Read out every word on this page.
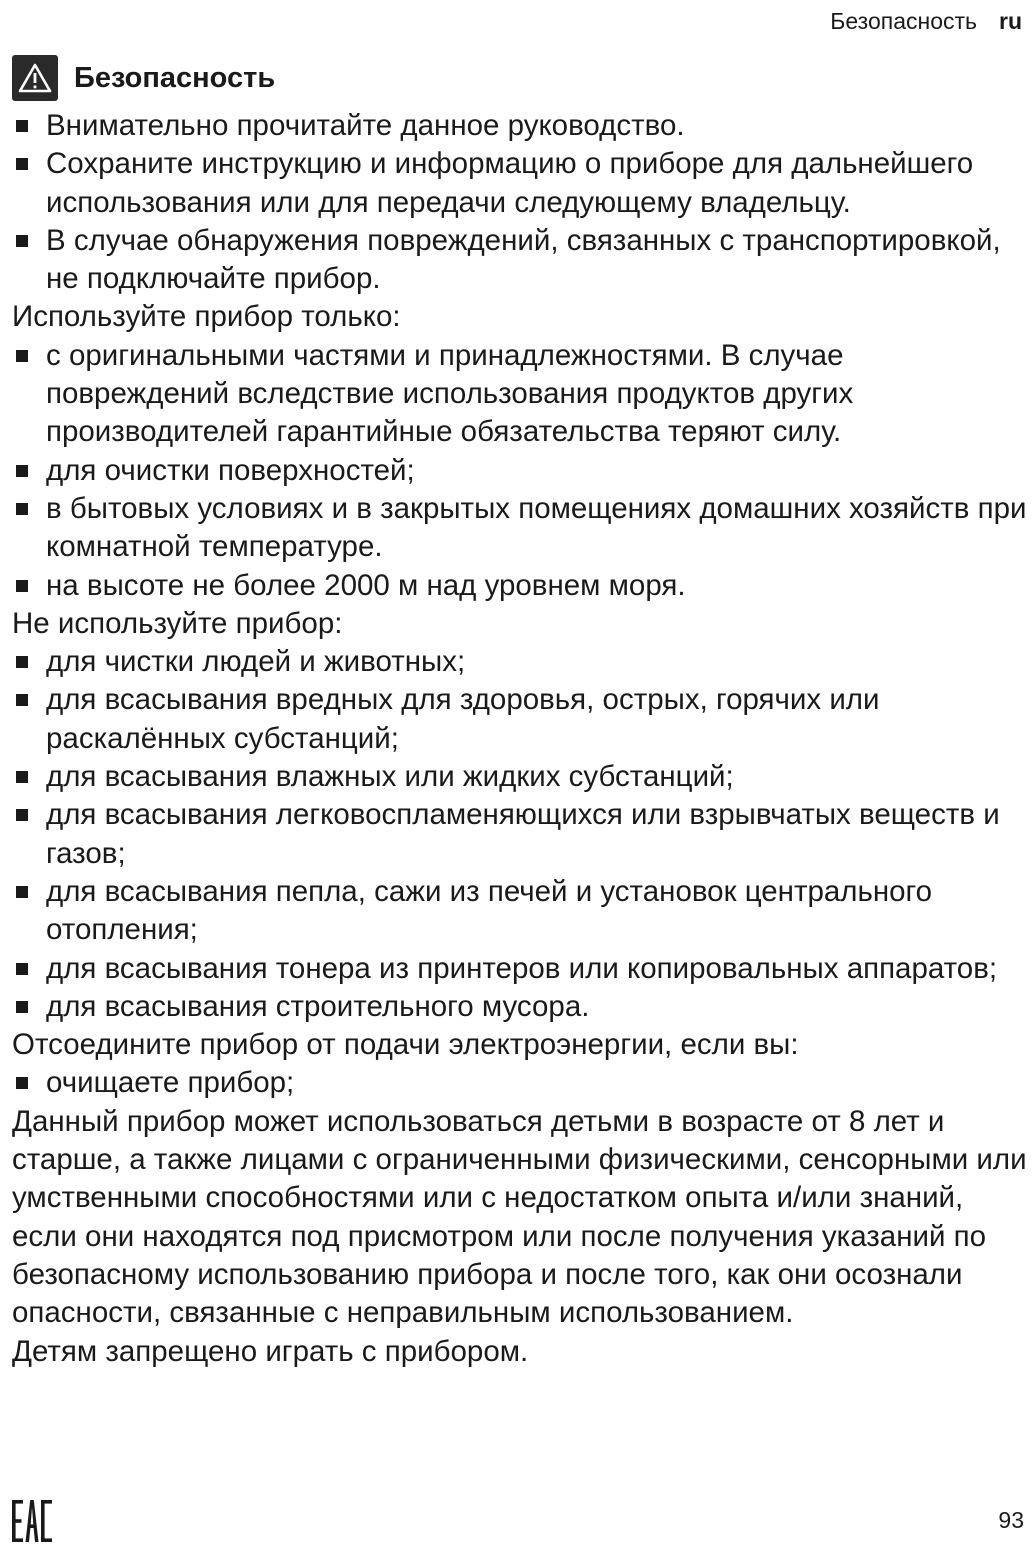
Безопасность ru
Безопасность
Внимательно прочитайте данное руководство.
Сохраните инструкцию и информацию о приборе для дальнейшего использования или для передачи следующему владельцу.
В случае обнаружения повреждений, связанных с транспортировкой, не подключайте прибор.

Используйте прибор только:

с оригинальными частями и принадлежностями. В случае повреждений вследствие использования продуктов других производителей гарантийные обязательства теряют силу.
для очистки поверхностей;
в бытовых условиях и в закрытых помещениях домашних хозяйств при комнатной температуре.
на высоте не более 2000 м над уровнем моря.

Не используйте прибор:

для чистки людей и животных;
для всасывания вредных для здоровья, острых, горячих или раскалённых субстанций;
для всасывания влажных или жидких субстанций;
для всасывания легковоспламеняющихся или взрывчатых веществ и газов;
для всасывания пепла, сажи из печей и установок центрального отопления;
для всасывания тонера из принтеров или копировальных аппаратов;
для всасывания строительного мусора.

Отсоедините прибор от подачи электроэнергии, если вы:

очищаете прибор;

Данный прибор может использоваться детьми в возрасте от 8 лет и старше, а также лицами с ограниченными физическими, сенсорными или умственными способностями или с недостатком опыта и/или знаний, если они находятся под присмотром или после получения указаний по безопасному использованию прибора и после того, как они осознали опасности, связанные с неправильным использованием.

Детям запрещено играть с прибором.

93
